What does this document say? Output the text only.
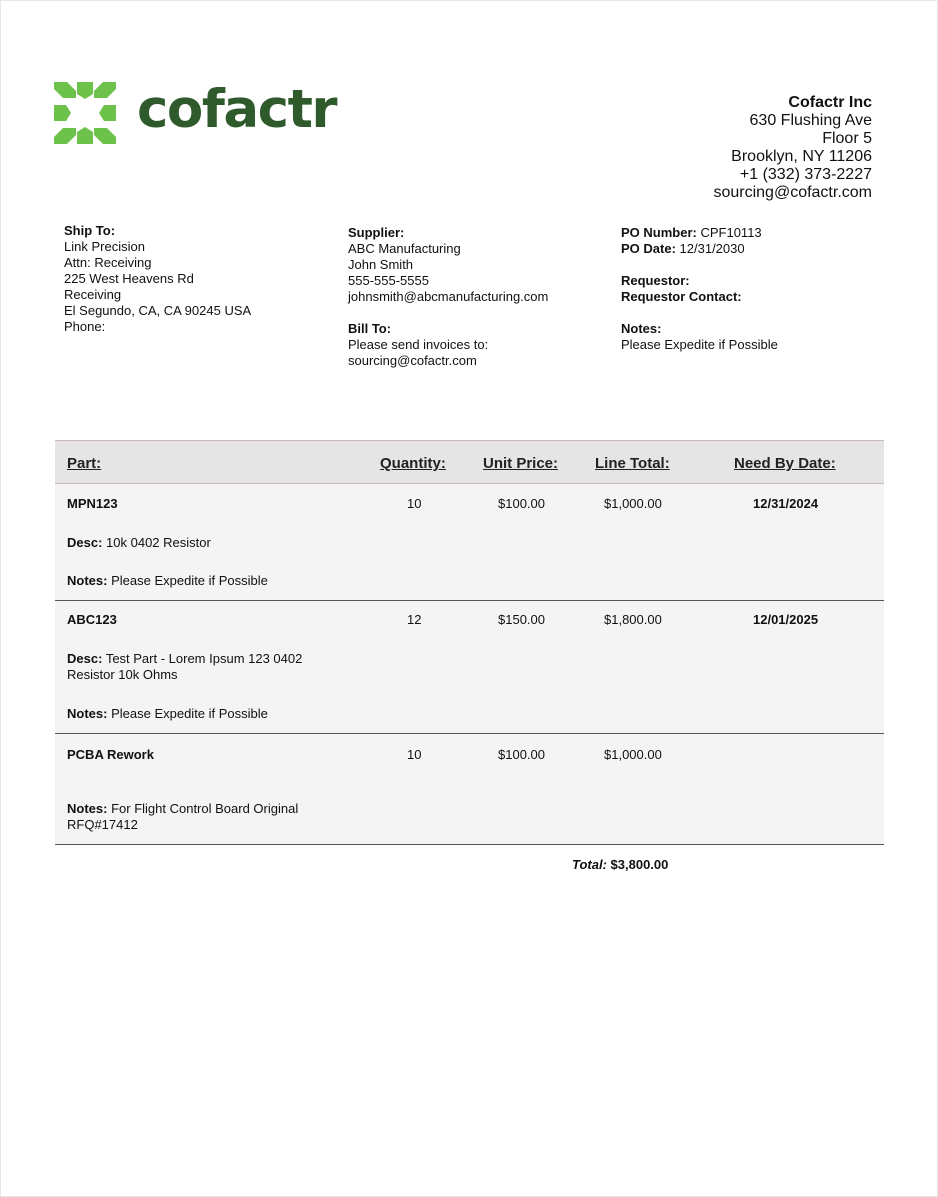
cofactr	Cofactr Inc
630 Flushing Ave
Floor 5
Brooklyn, NY 11206
+1 (332) 373-2227
sourcing@cofactr.com
Ship To:
Link Precision
Attn: Receiving
225 West Heavens Rd
Receiving
El Segundo, CA, CA 90245 USA
Phone:
Supplier:
ABC Manufacturing
John Smith
555-555-5555
johnsmith@abcmanufacturing.com
Bill To:
Please send invoices to:
sourcing@cofactr.com
PO Number: CPF10113
PO Date: 12/31/2030
Requestor:
Requestor Contact:
Notes:
Please Expedite if Possible
Part:	Quantity: Unit Price: Line Total:	Need By Date:
MPN123	10	$100.00	$1,000.00	12/31/2024
Desc: 10k 0402 Resistor
Notes: Please Expedite if Possible
ABC123	12	$150.00	$1,800.00	12/01/2025
Desc: Test Part - Lorem Ipsum 123 0402
Resistor 10k Ohms
Notes: Please Expedite if Possible
PCBA Rework	10	$100.00	$1,000.00
Notes: For Flight Control Board Original
RFQ#17412
Total: $3,800.00
